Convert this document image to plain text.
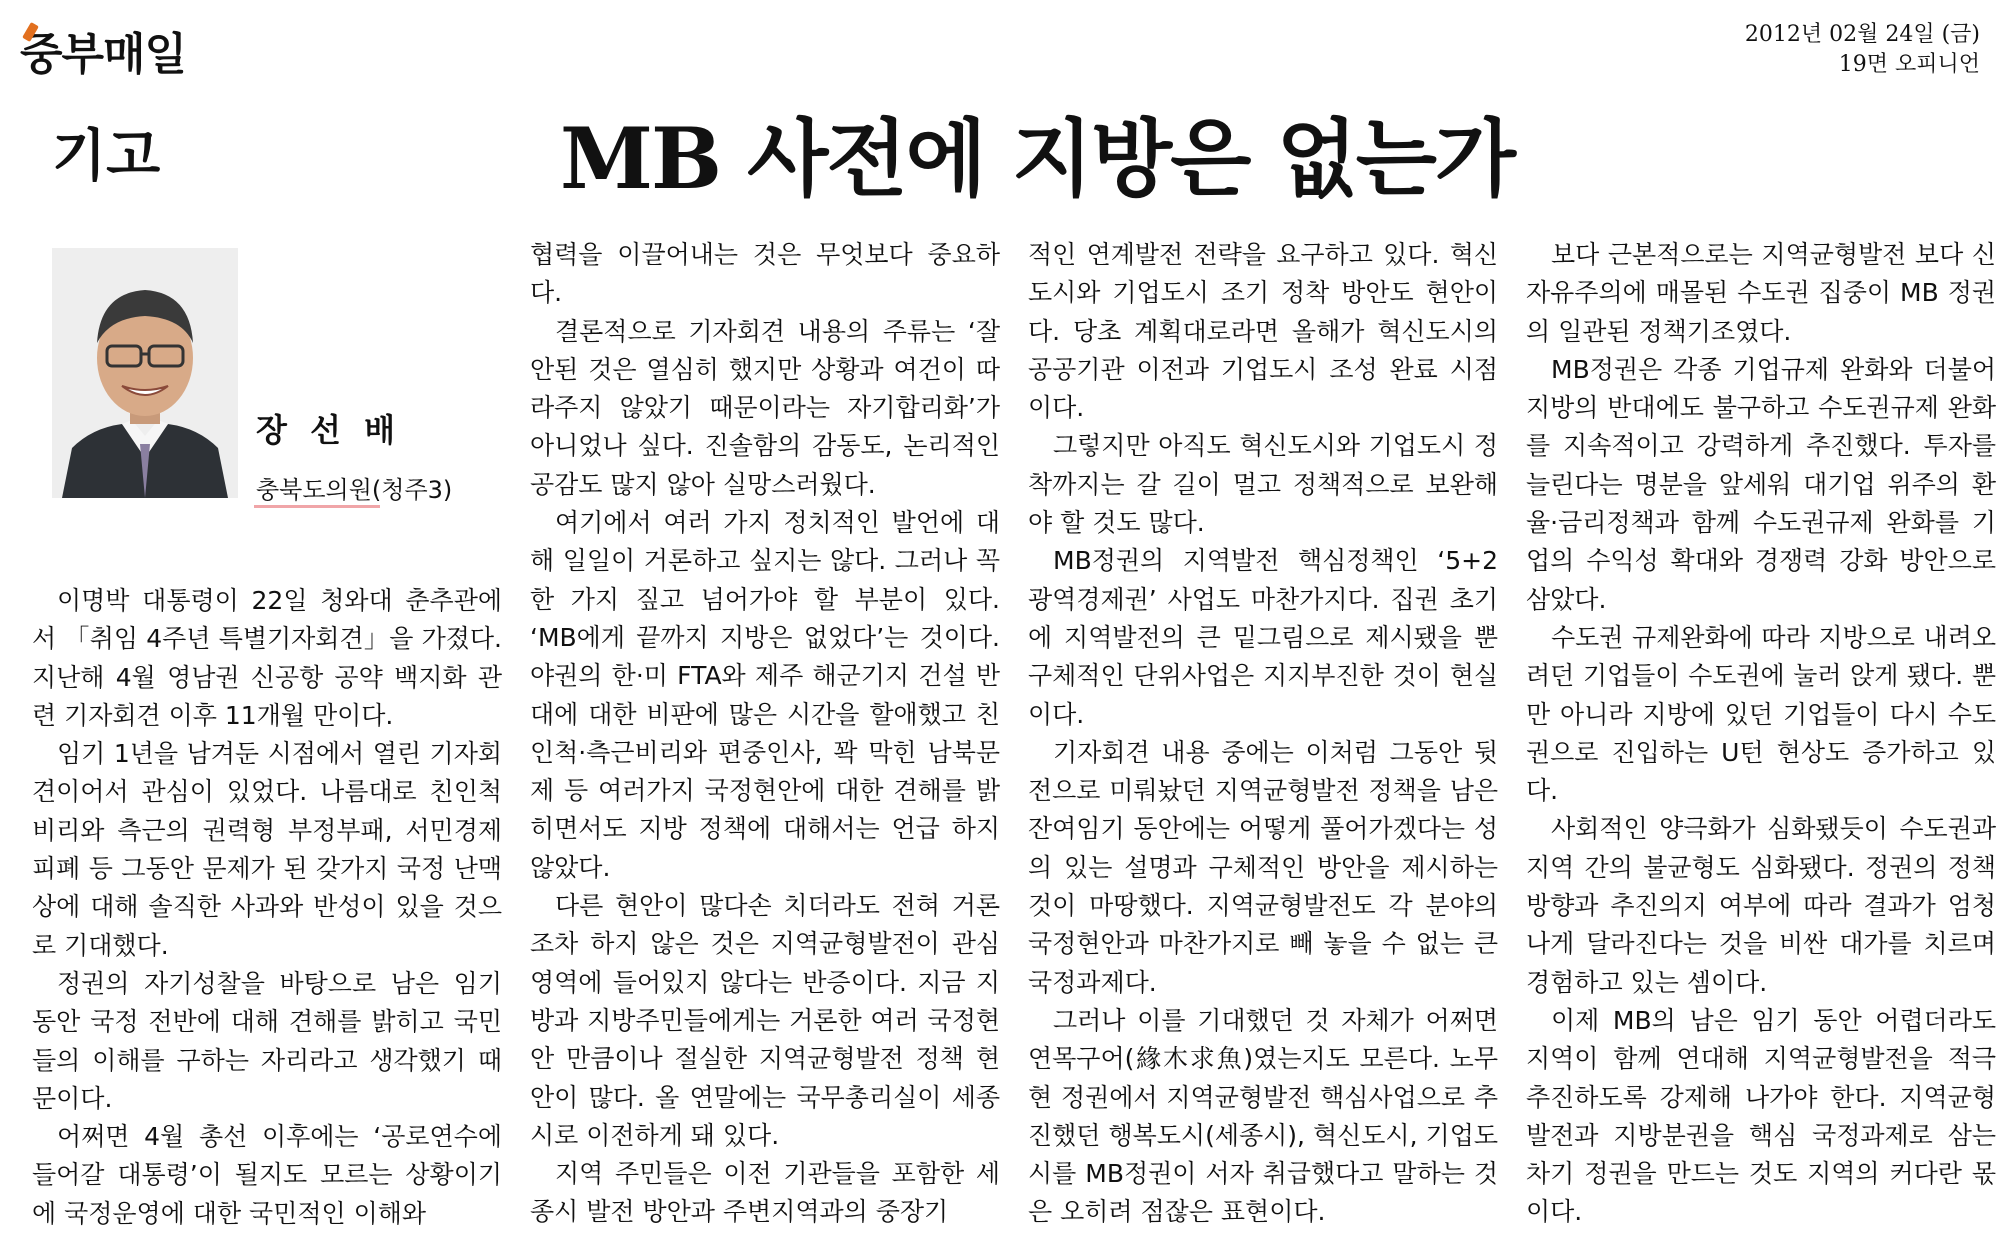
중부매일	2012년 02월 24일 (금)
19면 오피니언
기고	MB 사전에 지방은 없는가
장 선 배
충북도의원(청주3)

이명박 대통령이 22일 청와대 춘추관에서 「취임 4주년 특별기자회견」을 가졌다. 지난해 4월 영남권 신공항 공약 백지화 관련 기자회견 이후 11개월 만이다.

임기 1년을 남겨둔 시점에서 열린 기자회견이어서 관심이 있었다. 나름대로 친인척 비리와 측근의 권력형 부정부패, 서민경제 피폐 등 그동안 문제가 된 갖가지 국정 난맥상에 대해 솔직한 사과와 반성이 있을 것으로 기대했다.

정권의 자기성찰을 바탕으로 남은 임기 동안 국정 전반에 대해 견해를 밝히고 국민들의 이해를 구하는 자리라고 생각했기 때문이다.

어쩌면 4월 총선 이후에는 ‘공로연수에 들어갈 대통령’이 될지도 모르는 상황이기에 국정운영에 대한 국민적인 이해와

협력을 이끌어내는 것은 무엇보다 중요하다.

결론적으로 기자회견 내용의 주류는 ‘잘 안된 것은 열심히 했지만 상황과 여건이 따라주지 않았기 때문이라는 자기합리화’가 아니었나 싶다. 진솔함의 감동도, 논리적인 공감도 많지 않아 실망스러웠다.

여기에서 여러 가지 정치적인 발언에 대해 일일이 거론하고 싶지는 않다. 그러나 꼭 한 가지 짚고 넘어가야 할 부분이 있다. ‘MB에게 끝까지 지방은 없었다’는 것이다. 야권의 한·미 FTA와 제주 해군기지 건설 반대에 대한 비판에 많은 시간을 할애했고 친인척·측근비리와 편중인사, 꽉 막힌 남북문제 등 여러가지 국정현안에 대한 견해를 밝히면서도 지방 정책에 대해서는 언급 하지 않았다.

다른 현안이 많다손 치더라도 전혀 거론조차 하지 않은 것은 지역균형발전이 관심영역에 들어있지 않다는 반증이다. 지금 지방과 지방주민들에게는 거론한 여러 국정현안 만큼이나 절실한 지역균형발전 정책 현안이 많다. 올 연말에는 국무총리실이 세종시로 이전하게 돼 있다.

지역 주민들은 이전 기관들을 포함한 세종시 발전 방안과 주변지역과의 중장기

적인 연계발전 전략을 요구하고 있다. 혁신도시와 기업도시 조기 정착 방안도 현안이다. 당초 계획대로라면 올해가 혁신도시의 공공기관 이전과 기업도시 조성 완료 시점이다.

그렇지만 아직도 혁신도시와 기업도시 정착까지는 갈 길이 멀고 정책적으로 보완해야 할 것도 많다.

MB정권의 지역발전 핵심정책인 ‘5+2 광역경제권’ 사업도 마찬가지다. 집권 초기에 지역발전의 큰 밑그림으로 제시됐을 뿐 구체적인 단위사업은 지지부진한 것이 현실이다.

기자회견 내용 중에는 이처럼 그동안 뒷전으로 미뤄놨던 지역균형발전 정책을 남은 잔여임기 동안에는 어떻게 풀어가겠다는 성의 있는 설명과 구체적인 방안을 제시하는 것이 마땅했다. 지역균형발전도 각 분야의 국정현안과 마찬가지로 빼 놓을 수 없는 큰 국정과제다.

그러나 이를 기대했던 것 자체가 어쩌면 연목구어(緣木求魚)였는지도 모른다. 노무현 정권에서 지역균형발전 핵심사업으로 추진했던 행복도시(세종시), 혁신도시, 기업도시를 MB정권이 서자 취급했다고 말하는 것은 오히려 점잖은 표현이다.

보다 근본적으로는 지역균형발전 보다 신자유주의에 매몰된 수도권 집중이 MB 정권의 일관된 정책기조였다.

MB정권은 각종 기업규제 완화와 더불어 지방의 반대에도 불구하고 수도권규제 완화를 지속적이고 강력하게 추진했다. 투자를 늘린다는 명분을 앞세워 대기업 위주의 환율·금리정책과 함께 수도권규제 완화를 기업의 수익성 확대와 경쟁력 강화 방안으로 삼았다.

수도권 규제완화에 따라 지방으로 내려오려던 기업들이 수도권에 눌러 앉게 됐다. 뿐만 아니라 지방에 있던 기업들이 다시 수도권으로 진입하는 U턴 현상도 증가하고 있다.

사회적인 양극화가 심화됐듯이 수도권과 지역 간의 불균형도 심화됐다. 정권의 정책방향과 추진의지 여부에 따라 결과가 엄청나게 달라진다는 것을 비싼 대가를 치르며 경험하고 있는 셈이다.

이제 MB의 남은 임기 동안 어렵더라도 지역이 함께 연대해 지역균형발전을 적극 추진하도록 강제해 나가야 한다. 지역균형발전과 지방분권을 핵심 국정과제로 삼는 차기 정권을 만드는 것도 지역의 커다란 몫이다.
